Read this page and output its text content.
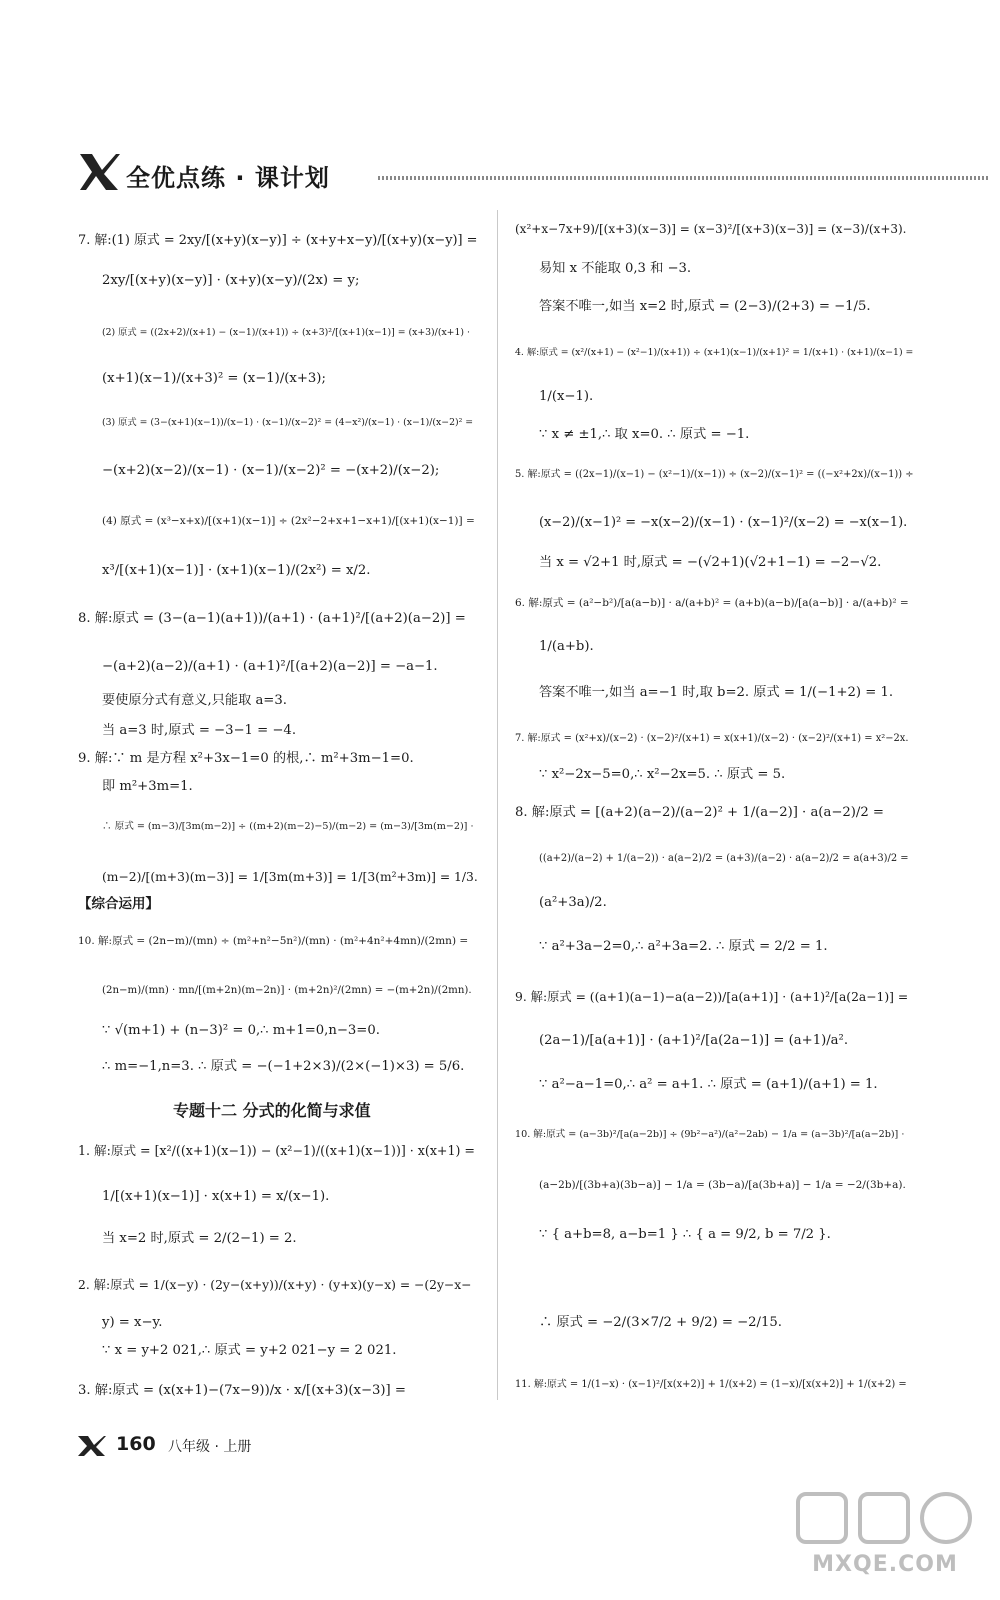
全优点练 · 课计划
【综合运用】
专题十二 分式的化简与求值
7. 解:(1) 原式 = 2xy/[(x+y)(x−y)] ÷ (x+y+x−y)/[(x+y)(x−y)] =
2xy/[(x+y)(x−y)] · (x+y)(x−y)/(2x) = y;
(2) 原式 = ((2x+2)/(x+1) − (x−1)/(x+1)) ÷ (x+3)²/[(x+1)(x−1)] = (x+3)/(x+1) ·
(x+1)(x−1)/(x+3)² = (x−1)/(x+3);
(3) 原式 = (3−(x+1)(x−1))/(x−1) · (x−1)/(x−2)² = (4−x²)/(x−1) · (x−1)/(x−2)² =
−(x+2)(x−2)/(x−1) · (x−1)/(x−2)² = −(x+2)/(x−2);
(4) 原式 = (x³−x+x)/[(x+1)(x−1)] ÷ (2x²−2+x+1−x+1)/[(x+1)(x−1)] =
x³/[(x+1)(x−1)] · (x+1)(x−1)/(2x²) = x/2.
8. 解:原式 = (3−(a−1)(a+1))/(a+1) · (a+1)²/[(a+2)(a−2)] =
−(a+2)(a−2)/(a+1) · (a+1)²/[(a+2)(a−2)] = −a−1.
要使原分式有意义,只能取 a=3.
当 a=3 时,原式 = −3−1 = −4.
9. 解:∵ m 是方程 x²+3x−1=0 的根,∴ m²+3m−1=0.
即 m²+3m=1.
∴ 原式 = (m−3)/[3m(m−2)] ÷ ((m+2)(m−2)−5)/(m−2) = (m−3)/[3m(m−2)] ·
(m−2)/[(m+3)(m−3)] = 1/[3m(m+3)] = 1/[3(m²+3m)] = 1/3.
10. 解:原式 = (2n−m)/(mn) ÷ (m²+n²−5n²)/(mn) · (m²+4n²+4mn)/(2mn) =
(2n−m)/(mn) · mn/[(m+2n)(m−2n)] · (m+2n)²/(2mn) = −(m+2n)/(2mn).
∵ √(m+1) + (n−3)² = 0,∴ m+1=0,n−3=0.
∴ m=−1,n=3. ∴ 原式 = −(−1+2×3)/(2×(−1)×3) = 5/6.
1. 解:原式 = [x²/((x+1)(x−1)) − (x²−1)/((x+1)(x−1))] · x(x+1) =
1/[(x+1)(x−1)] · x(x+1) = x/(x−1).
当 x=2 时,原式 = 2/(2−1) = 2.
2. 解:原式 = 1/(x−y) · (2y−(x+y))/(x+y) · (y+x)(y−x) = −(2y−x−
y) = x−y.
∵ x = y+2 021,∴ 原式 = y+2 021−y = 2 021.
3. 解:原式 = (x(x+1)−(7x−9))/x · x/[(x+3)(x−3)] =
(x²+x−7x+9)/[(x+3)(x−3)] = (x−3)²/[(x+3)(x−3)] = (x−3)/(x+3).
易知 x 不能取 0,3 和 −3.
答案不唯一,如当 x=2 时,原式 = (2−3)/(2+3) = −1/5.
4. 解:原式 = (x²/(x+1) − (x²−1)/(x+1)) ÷ (x+1)(x−1)/(x+1)² = 1/(x+1) · (x+1)/(x−1) =
1/(x−1).
∵ x ≠ ±1,∴ 取 x=0. ∴ 原式 = −1.
5. 解:原式 = ((2x−1)/(x−1) − (x²−1)/(x−1)) ÷ (x−2)/(x−1)² = ((−x²+2x)/(x−1)) ÷
(x−2)/(x−1)² = −x(x−2)/(x−1) · (x−1)²/(x−2) = −x(x−1).
当 x = √2+1 时,原式 = −(√2+1)(√2+1−1) = −2−√2.
6. 解:原式 = (a²−b²)/[a(a−b)] · a/(a+b)² = (a+b)(a−b)/[a(a−b)] · a/(a+b)² =
1/(a+b).
答案不唯一,如当 a=−1 时,取 b=2. 原式 = 1/(−1+2) = 1.
7. 解:原式 = (x²+x)/(x−2) · (x−2)²/(x+1) = x(x+1)/(x−2) · (x−2)²/(x+1) = x²−2x.
∵ x²−2x−5=0,∴ x²−2x=5. ∴ 原式 = 5.
8. 解:原式 = [(a+2)(a−2)/(a−2)² + 1/(a−2)] · a(a−2)/2 =
((a+2)/(a−2) + 1/(a−2)) · a(a−2)/2 = (a+3)/(a−2) · a(a−2)/2 = a(a+3)/2 =
(a²+3a)/2.
∵ a²+3a−2=0,∴ a²+3a=2. ∴ 原式 = 2/2 = 1.
9. 解:原式 = ((a+1)(a−1)−a(a−2))/[a(a+1)] · (a+1)²/[a(2a−1)] =
(2a−1)/[a(a+1)] · (a+1)²/[a(2a−1)] = (a+1)/a².
∵ a²−a−1=0,∴ a² = a+1. ∴ 原式 = (a+1)/(a+1) = 1.
10. 解:原式 = (a−3b)²/[a(a−2b)] ÷ (9b²−a²)/(a²−2ab) − 1/a = (a−3b)²/[a(a−2b)] ·
(a−2b)/[(3b+a)(3b−a)] − 1/a = (3b−a)/[a(3b+a)] − 1/a = −2/(3b+a).
∵ { a+b=8, a−b=1 } ∴ { a = 9/2, b = 7/2 }.
∴ 原式 = −2/(3×7/2 + 9/2) = −2/15.
11. 解:原式 = 1/(1−x) · (x−1)²/[x(x+2)] + 1/(x+2) = (1−x)/[x(x+2)] + 1/(x+2) =
160 八年级 · 上册
MXQE.COM
